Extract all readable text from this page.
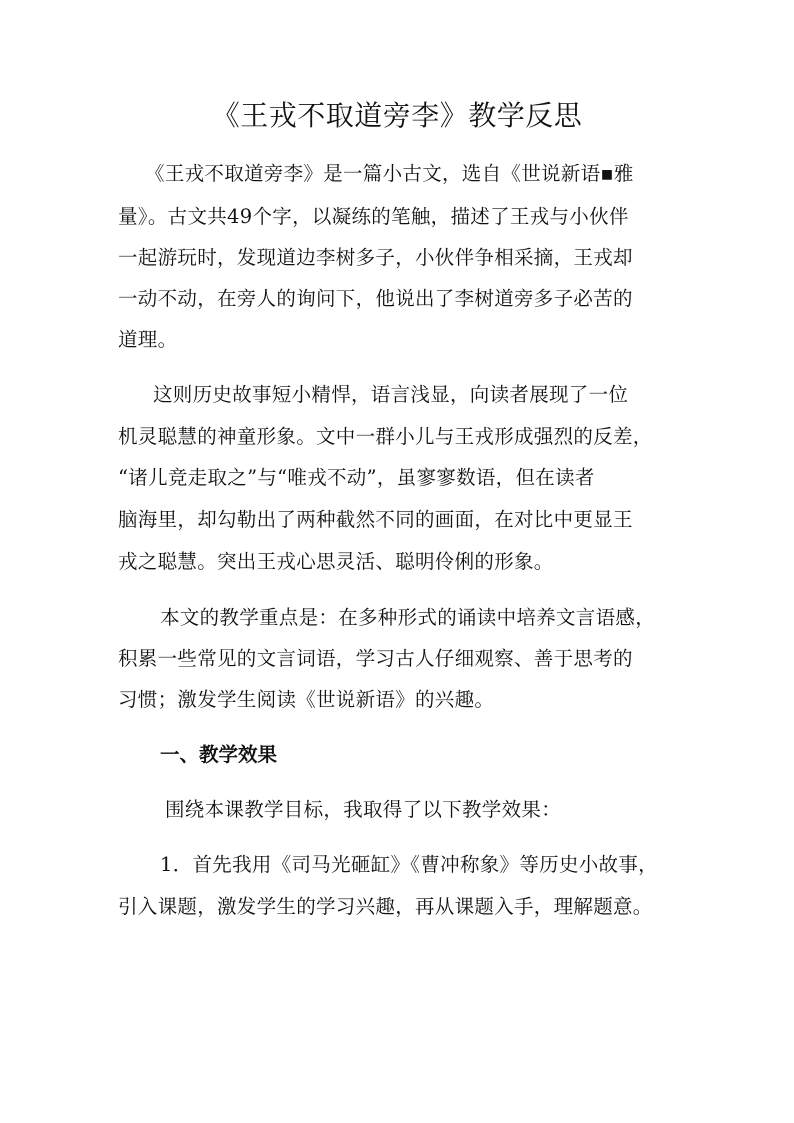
《王戎不取道旁李》教学反思
《王戎不取道旁李》是一篇小古文，选自《世说新语▪雅
量》。古文共49个字，以凝练的笔触，描述了王戎与小伙伴
一起游玩时，发现道边李树多子，小伙伴争相采摘，王戎却
一动不动，在旁人的询问下，他说出了李树道旁多子必苦的
道理。
这则历史故事短小精悍，语言浅显，向读者展现了一位
机灵聪慧的神童形象。文中一群小儿与王戎形成强烈的反差，
“诸儿竞走取之”与“唯戎不动”，虽寥寥数语，但在读者
脑海里，却勾勒出了两种截然不同的画面，在对比中更显王
戎之聪慧。突出王戎心思灵活、聪明伶俐的形象。
本文的教学重点是：在多种形式的诵读中培养文言语感，
积累一些常见的文言词语，学习古人仔细观察、善于思考的
习惯；激发学生阅读《世说新语》的兴趣。
一、教学效果
围绕本课教学目标，我取得了以下教学效果：
1．首先我用《司马光砸缸》《曹冲称象》等历史小故事，
引入课题，激发学生的学习兴趣，再从课题入手，理解题意。
